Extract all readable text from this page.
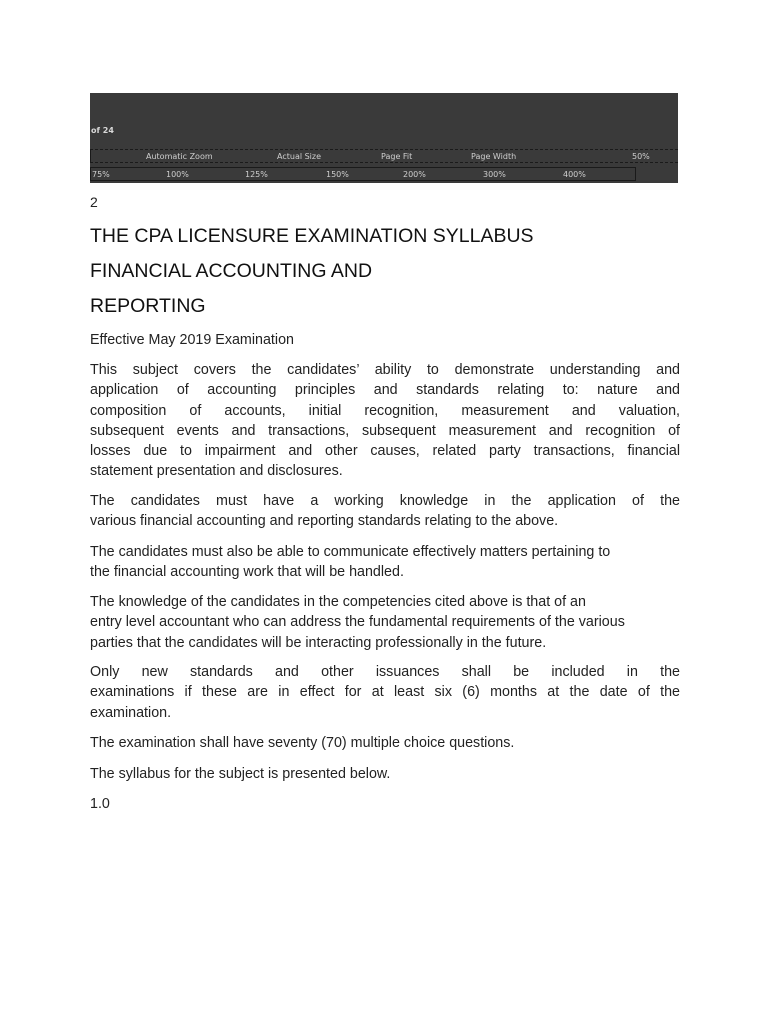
of 24
Automatic Zoom	Actual Size	Page Fit	Page Width	50%
75%	100%	125%	150%	200%	300%	400%
2
THE CPA LICENSURE EXAMINATION SYLLABUS
FINANCIAL ACCOUNTING AND
REPORTING
Effective May 2019 Examination
This subject covers the candidates’ ability to demonstrate understanding and
application of accounting principles and standards relating to: nature and
composition of accounts, initial recognition, measurement and valuation,
subsequent events and transactions, subsequent measurement and recognition of
losses due to impairment and other causes, related party transactions, financial
statement presentation and disclosures.
The candidates must have a working knowledge in the application of the
various financial accounting and reporting standards relating to the above.
The candidates must also be able to communicate effectively matters pertaining to
the financial accounting work that will be handled.
The knowledge of the candidates in the competencies cited above is that of an
entry level accountant who can address the fundamental requirements of the various
parties that the candidates will be interacting professionally in the future.
Only new standards and other issuances shall be included in the
examinations if these are in effect for at least six (6) months at the date of the
examination.
The examination shall have seventy (70) multiple choice questions.
The syllabus for the subject is presented below.
1.0
